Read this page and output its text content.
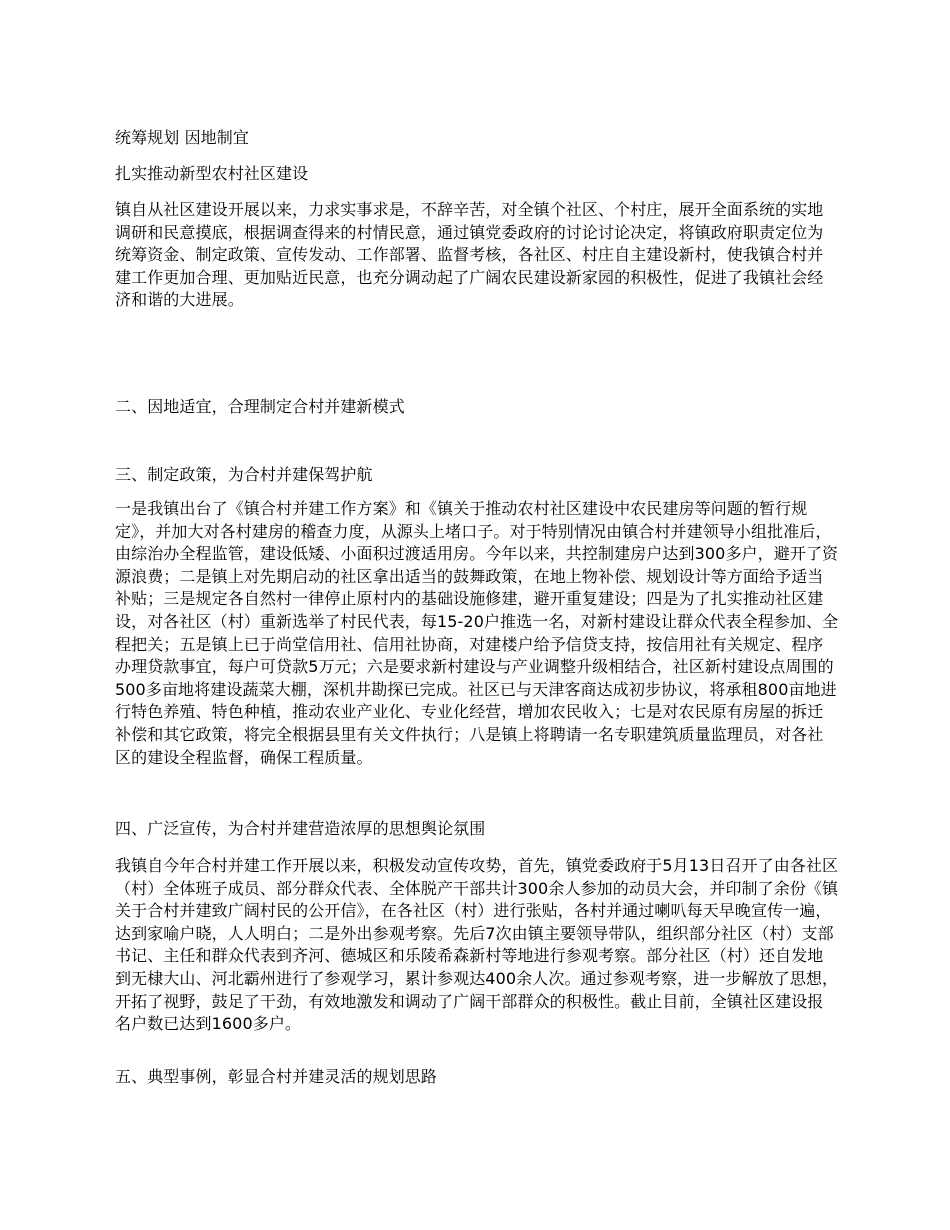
统筹规划 因地制宜
扎实推动新型农村社区建设
镇自从社区建设开展以来，力求实事求是，不辞辛苦，对全镇个社区、个村庄，展开全面系统的实地调研和民意摸底，根据调查得来的村情民意，通过镇党委政府的讨论讨论决定，将镇政府职责定位为统筹资金、制定政策、宣传发动、工作部署、监督考核，各社区、村庄自主建设新村，使我镇合村并建工作更加合理、更加贴近民意，也充分调动起了广阔农民建设新家园的积极性，促进了我镇社会经济和谐的大进展。
二、因地适宜，合理制定合村并建新模式
三、制定政策，为合村并建保驾护航
一是我镇出台了《镇合村并建工作方案》和《镇关于推动农村社区建设中农民建房等问题的暂行规定》，并加大对各村建房的稽查力度，从源头上堵口子。对于特别情况由镇合村并建领导小组批准后，由综治办全程监管，建设低矮、小面积过渡适用房。今年以来，共控制建房户达到300多户，避开了资源浪费；二是镇上对先期启动的社区拿出适当的鼓舞政策，在地上物补偿、规划设计等方面给予适当补贴；三是规定各自然村一律停止原村内的基础设施修建，避开重复建设；四是为了扎实推动社区建设，对各社区（村）重新选举了村民代表，每15-20户推选一名，对新村建设让群众代表全程参加、全程把关；五是镇上已于尚堂信用社、信用社协商，对建楼户给予信贷支持，按信用社有关规定、程序办理贷款事宜，每户可贷款5万元；六是要求新村建设与产业调整升级相结合，社区新村建设点周围的500多亩地将建设蔬菜大棚，深机井勘探已完成。社区已与天津客商达成初步协议，将承租800亩地进行特色养殖、特色种植，推动农业产业化、专业化经营，增加农民收入；七是对农民原有房屋的拆迁补偿和其它政策，将完全根据县里有关文件执行；八是镇上将聘请一名专职建筑质量监理员，对各社区的建设全程监督，确保工程质量。
四、广泛宣传，为合村并建营造浓厚的思想舆论氛围
我镇自今年合村并建工作开展以来，积极发动宣传攻势，首先，镇党委政府于5月13日召开了由各社区（村）全体班子成员、部分群众代表、全体脱产干部共计300余人参加的动员大会，并印制了余份《镇关于合村并建致广阔村民的公开信》，在各社区（村）进行张贴，各村并通过喇叭每天早晚宣传一遍，达到家喻户晓，人人明白；二是外出参观考察。先后7次由镇主要领导带队，组织部分社区（村）支部书记、主任和群众代表到齐河、德城区和乐陵希森新村等地进行参观考察。部分社区（村）还自发地到无棣大山、河北霸州进行了参观学习，累计参观达400余人次。通过参观考察，进一步解放了思想，开拓了视野，鼓足了干劲，有效地激发和调动了广阔干部群众的积极性。截止目前，全镇社区建设报名户数已达到1600多户。
五、典型事例，彰显合村并建灵活的规划思路
